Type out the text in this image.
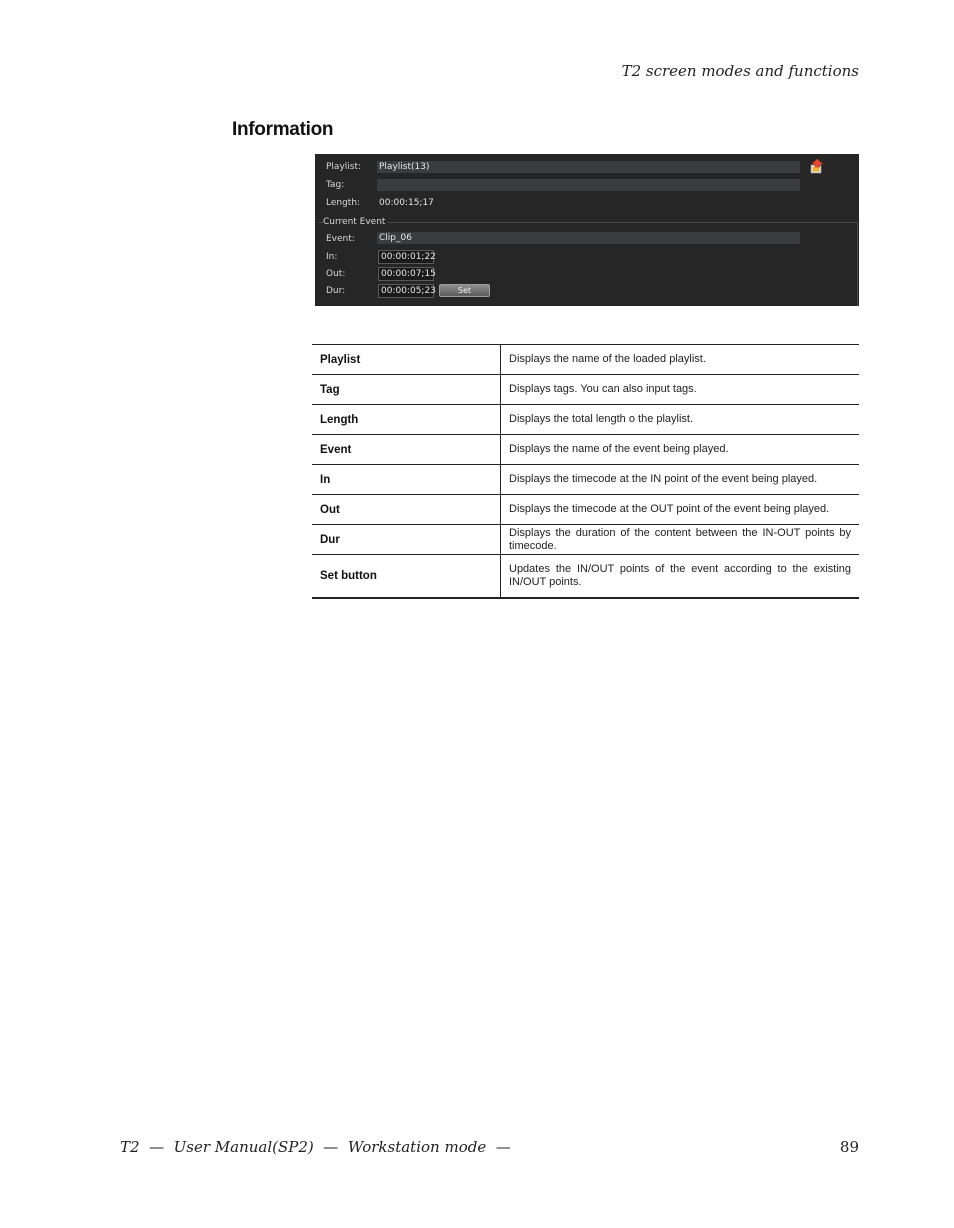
T2 screen modes and functions
Information
Playlist: Playlist(13)
Tag:
Length: 00:00:15;17
Current Event
Event:	Clip_06
In:	00:00:01;22
Out:	00:00:07;15
Dur:	00:00:05;23	Set
Playlist	Displays the name of the loaded playlist.
Tag	Displays tags. You can also input tags.
Length	Displays the total length o the playlist.
Event	Displays the name of the event being played.
In	Displays the timecode at the IN point of the event being played.
Out	Displays the timecode at the OUT point of the event being played.
Dur	Displays the duration of the content between the IN-OUT points by timecode.
Set button	Updates the IN/OUT points of the event according to the existing IN/OUT points.
T2  —  User Manual(SP2)  —  Workstation mode  —	89
